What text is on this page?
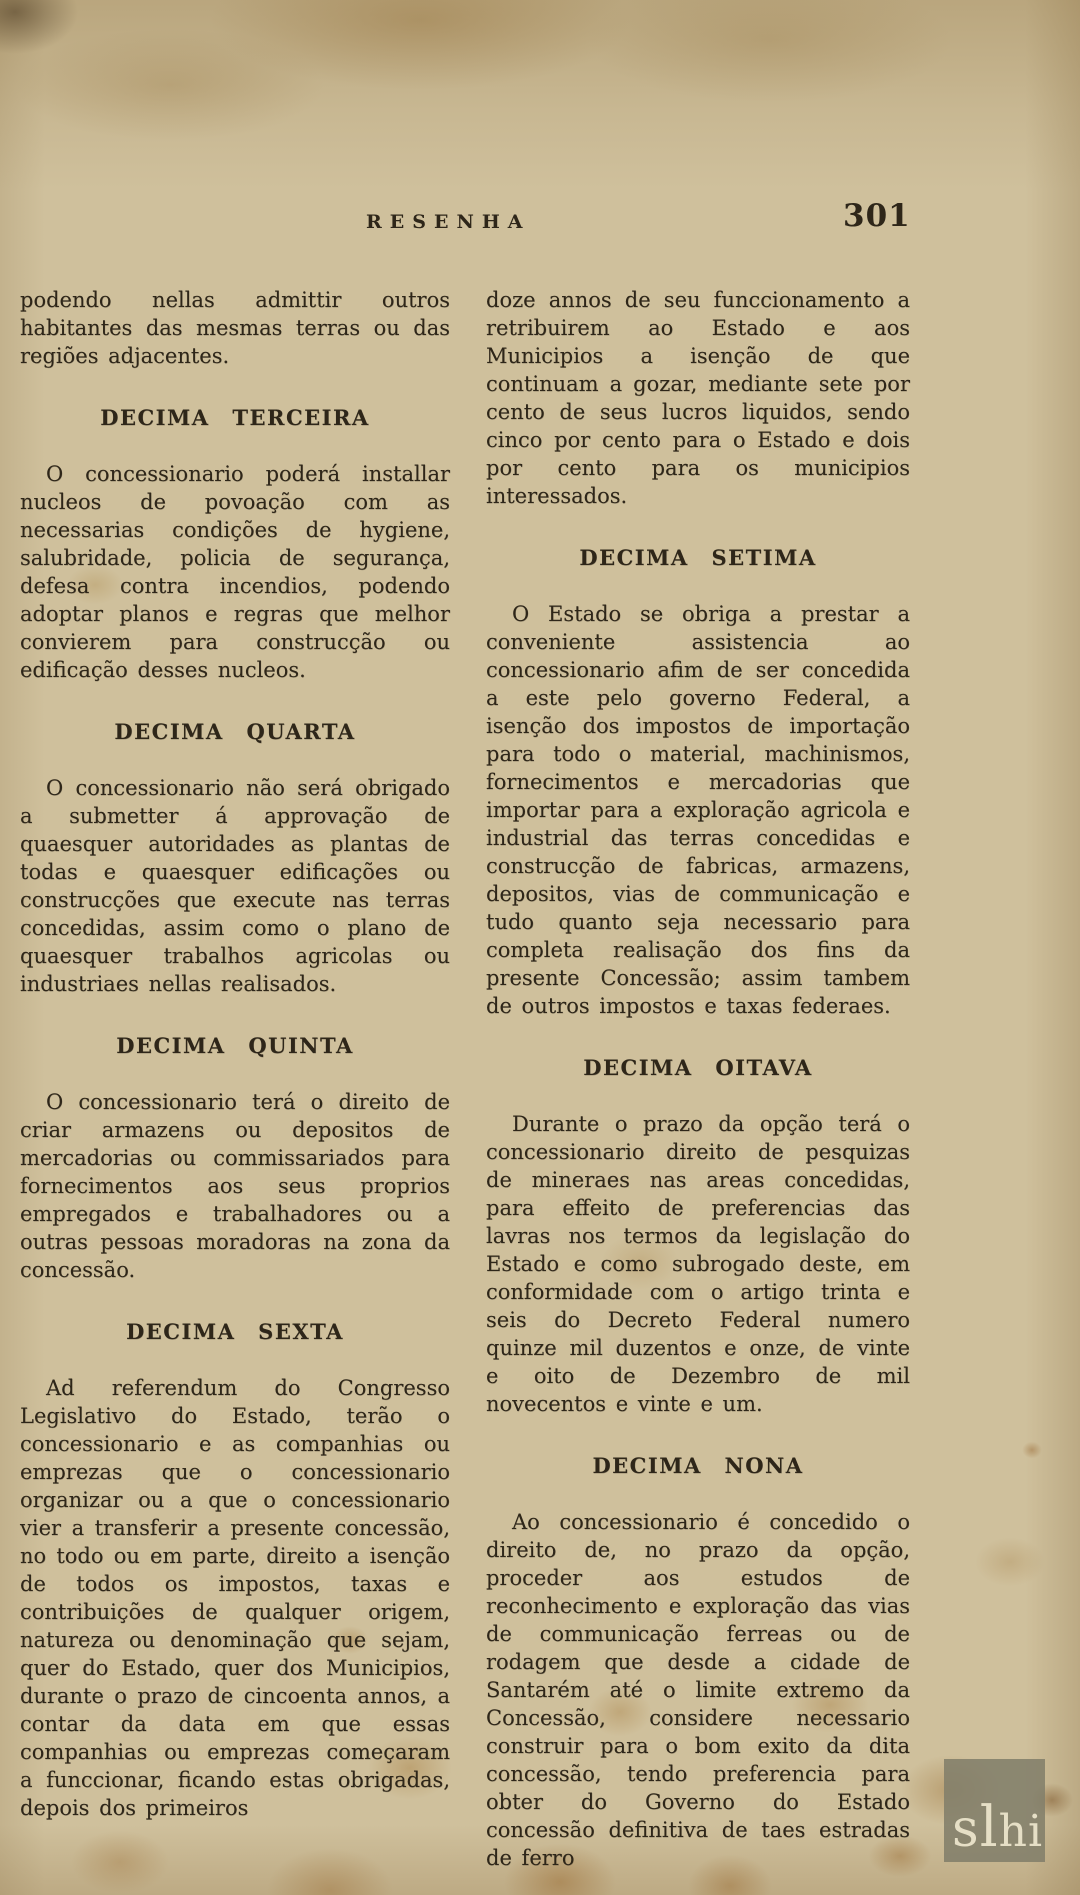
RESENHA	301

podendo nellas admittir outros habitantes das mesmas terras ou das regiões adjacentes.

DECIMA TERCEIRA

O concessionario poderá installar nucleos de povoação com as necessarias condições de hygiene, salubridade, policia de segurança, defesa contra incendios, podendo adoptar planos e regras que melhor convierem para construcção ou edificação desses nucleos.

DECIMA QUARTA

O concessionario não será obrigado a submetter á approvação de quaesquer autoridades as plantas de todas e quaesquer edificações ou construcções que execute nas terras concedidas, assim como o plano de quaesquer trabalhos agricolas ou industriaes nellas realisados.

DECIMA QUINTA

O concessionario terá o direito de criar armazens ou depositos de mercadorias ou commissariados para fornecimentos aos seus proprios empregados e trabalhadores ou a outras pessoas moradoras na zona da concessão.

DECIMA SEXTA

Ad referendum do Congresso Legislativo do Estado, terão o concessionario e as companhias ou emprezas que o concessionario organizar ou a que o concessionario vier a transferir a presente concessão, no todo ou em parte, direito a isenção de todos os impostos, taxas e contribuições de qualquer origem, natureza ou denominação que sejam, quer do Estado, quer dos Municipios, durante o prazo de cincoenta annos, a contar da data em que essas companhias ou emprezas começaram a funccionar, ficando estas obrigadas, depois dos primeiros

doze annos de seu funccionamento a retribuirem ao Estado e aos Municipios a isenção de que continuam a gozar, mediante sete por cento de seus lucros liquidos, sendo cinco por cento para o Estado e dois por cento para os municipios interessados.

DECIMA SETIMA

O Estado se obriga a prestar a conveniente assistencia ao concessionario afim de ser concedida a este pelo governo Federal, a isenção dos impostos de importação para todo o material, machinismos, fornecimentos e mercadorias que importar para a exploração agricola e industrial das terras concedidas e construcção de fabricas, armazens, depositos, vias de communicação e tudo quanto seja necessario para completa realisação dos fins da presente Concessão; assim tambem de outros impostos e taxas federaes.

DECIMA OITAVA

Durante o prazo da opção terá o concessionario direito de pesquizas de mineraes nas areas concedidas, para effeito de preferencias das lavras nos termos da legislação do Estado e como subrogado deste, em conformidade com o artigo trinta e seis do Decreto Federal numero quinze mil duzentos e onze, de vinte e oito de Dezembro de mil novecentos e vinte e um.

DECIMA NONA

Ao concessionario é concedido o direito de, no prazo da opção, proceder aos estudos de reconhecimento e exploração das vias de communicação ferreas ou de rodagem que desde a cidade de Santarém até o limite extremo da Concessão, considere necessario construir para o bom exito da dita concessão, tendo preferencia para obter do Governo do Estado concessão definitiva de taes estradas de ferro	slhi
